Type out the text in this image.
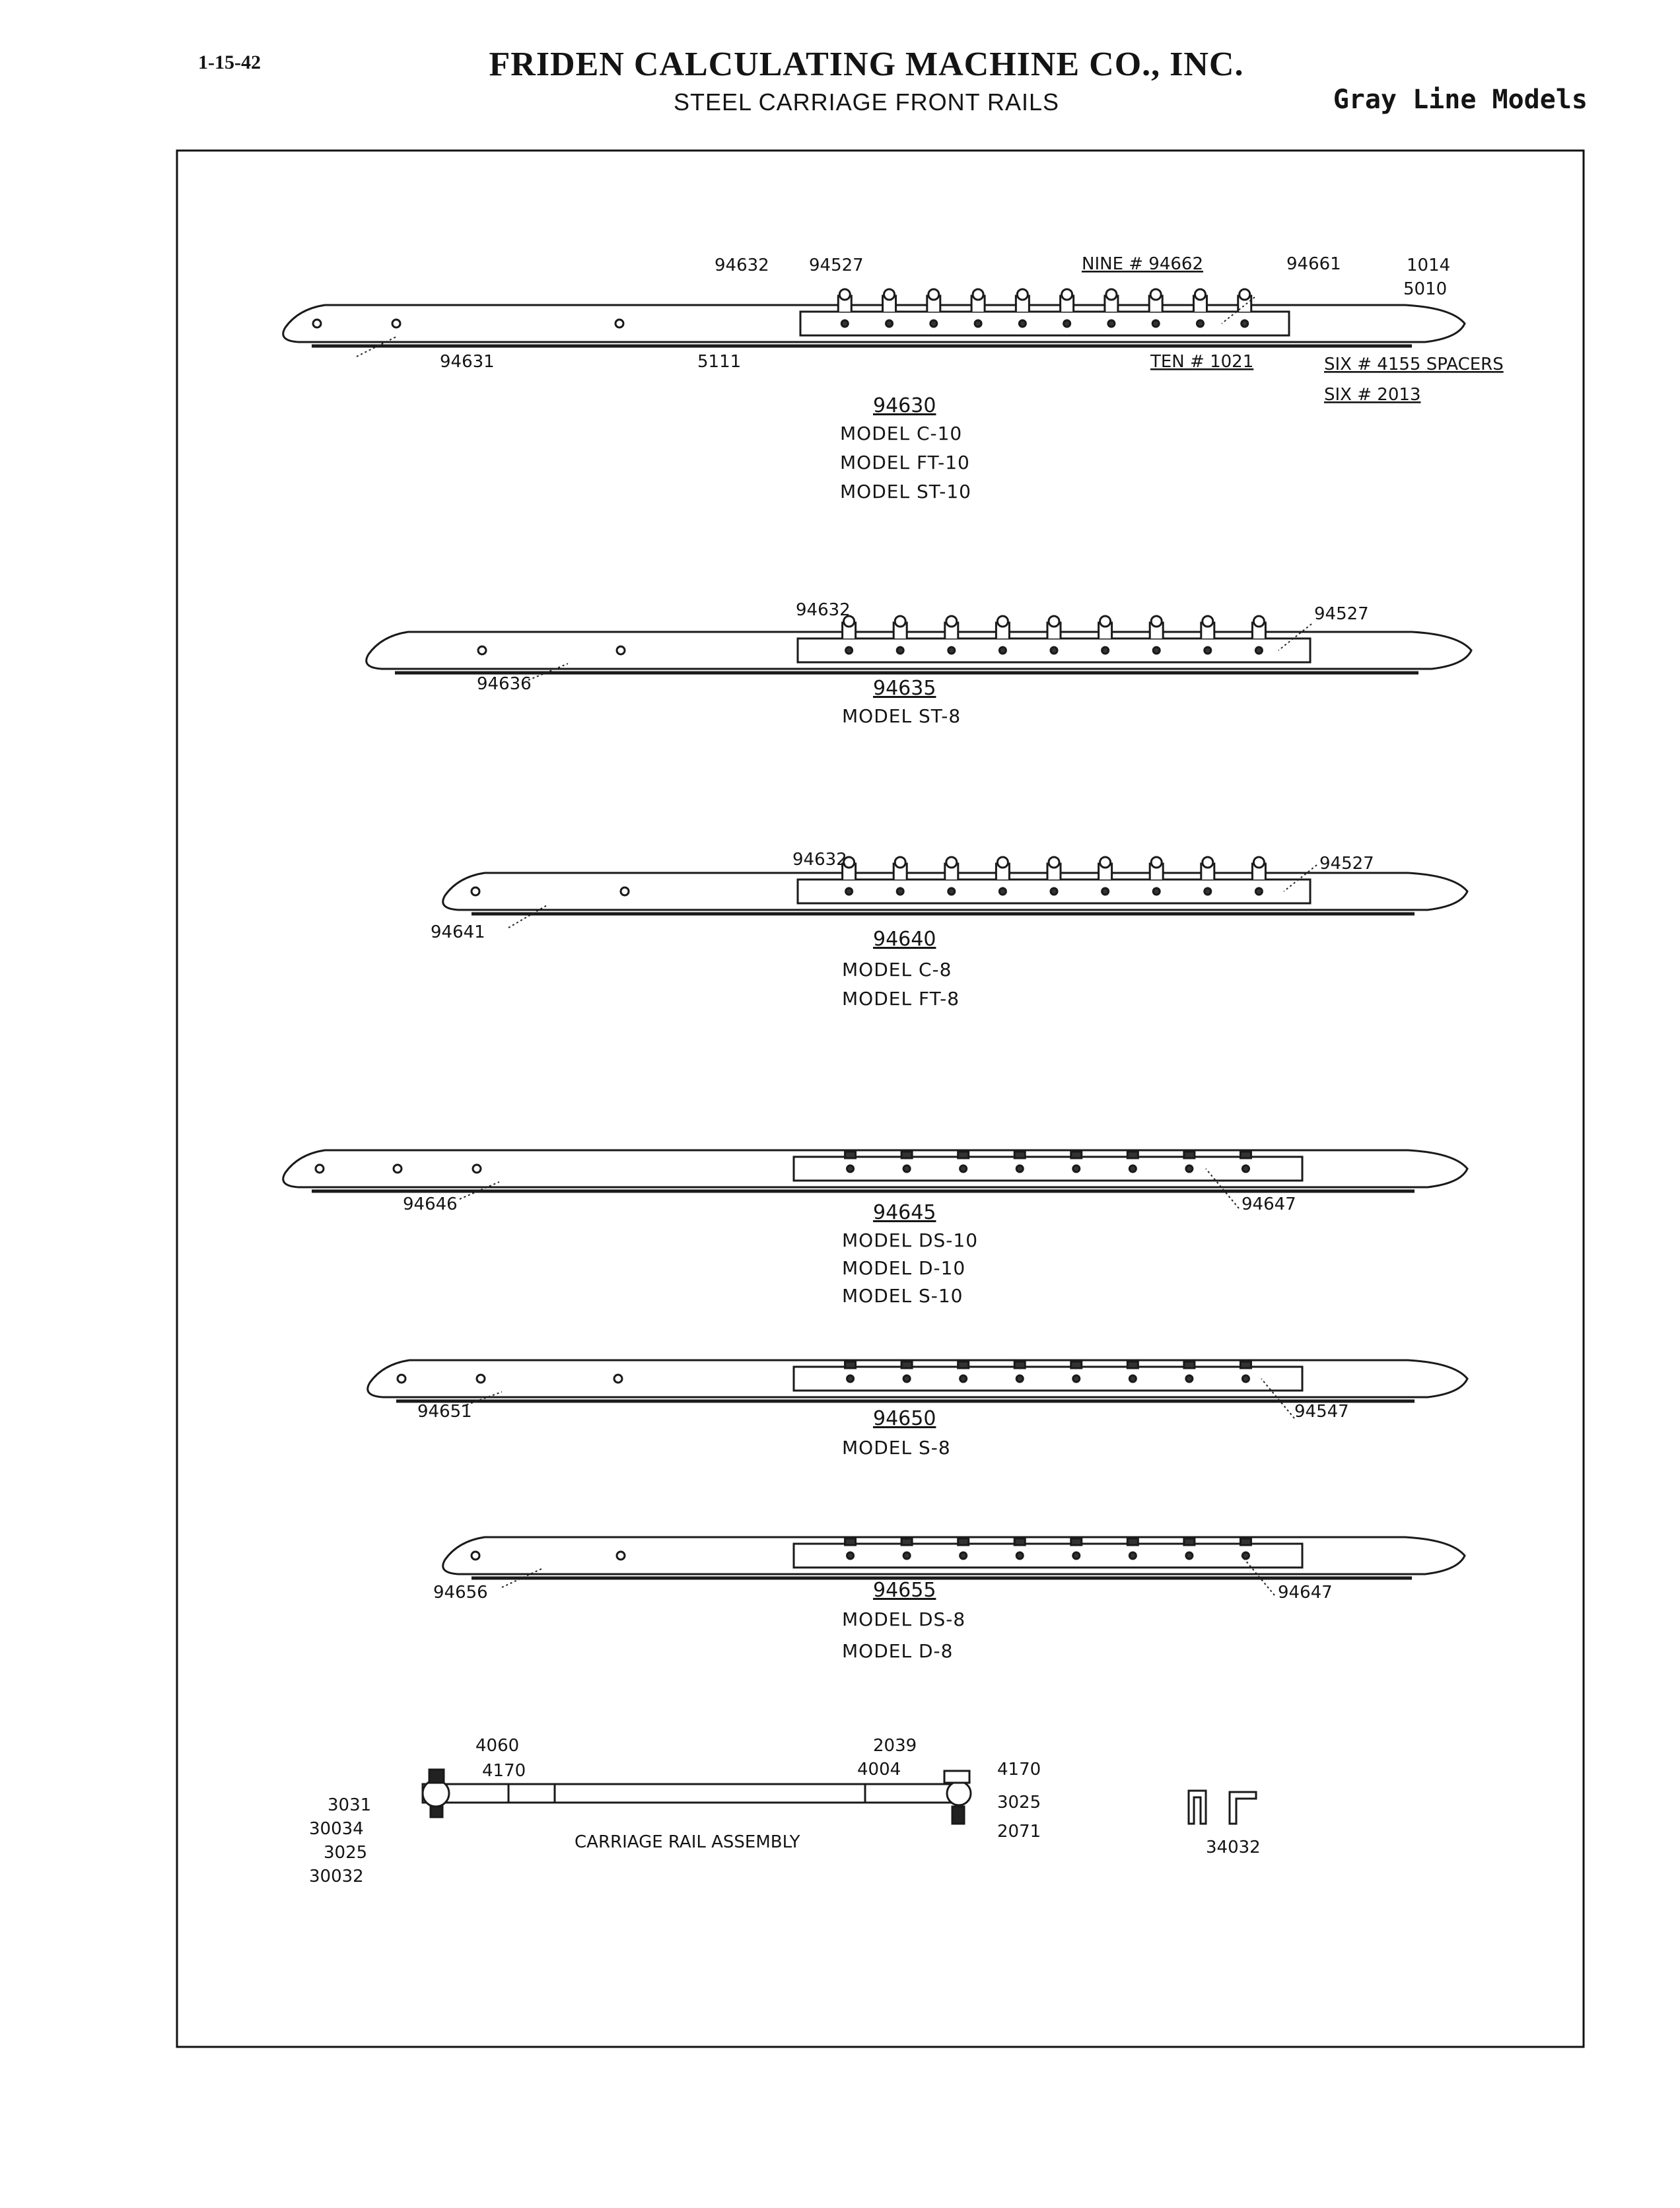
1-15-42	FRIDEN CALCULATING MACHINE CO., INC.
STEEL CARRIAGE FRONT RAILS	Gray Line Models
94632 94527	NINE # 94662	94661	1014
5010
94631	5111	TEN # 1021	SIX # 4155 SPACERS
SIX # 2013
94630
MODEL C-10
MODEL FT-10
MODEL ST-10
94632	94527
94636	94635
MODEL ST-8
94632	94527
94641	94640
MODEL C-8
MODEL FT-8
94646	94647
94645
MODEL DS-10
MODEL D-10
MODEL S-10
94651	94547
94650
MODEL S-8
94656	94647
94655
MODEL DS-8
MODEL D-8
4060
4170
3031
30034
3025
30032
2039
4004	4170
3025
2071
CARRIAGE RAIL ASSEMBLY	34032
